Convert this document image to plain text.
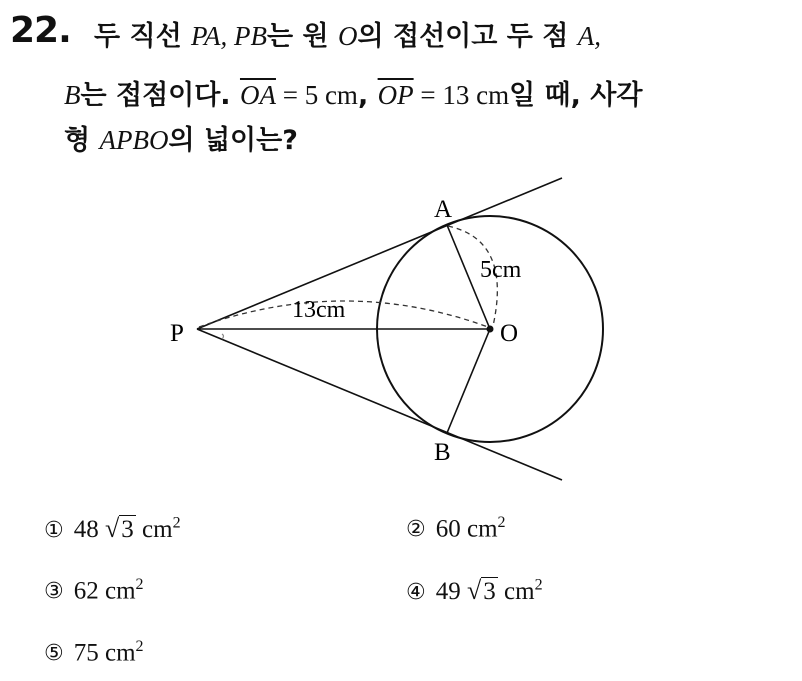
22. 두 직선 PA, PB는 원 O의 접선이고 두 점 A,
B는 접점이다. $\overline{OA} = 5$ cm, $\overline{OP} = 13$ cm일 때, 사각
형 APBO의 넓이는?
A
B
P	O
5cm
13cm
① 48 √3 $cm^2$	② 60 $cm^2$
③ 62 $cm^2$	④ 49 √3 $cm^2$
⑤ 75 $cm^2$
